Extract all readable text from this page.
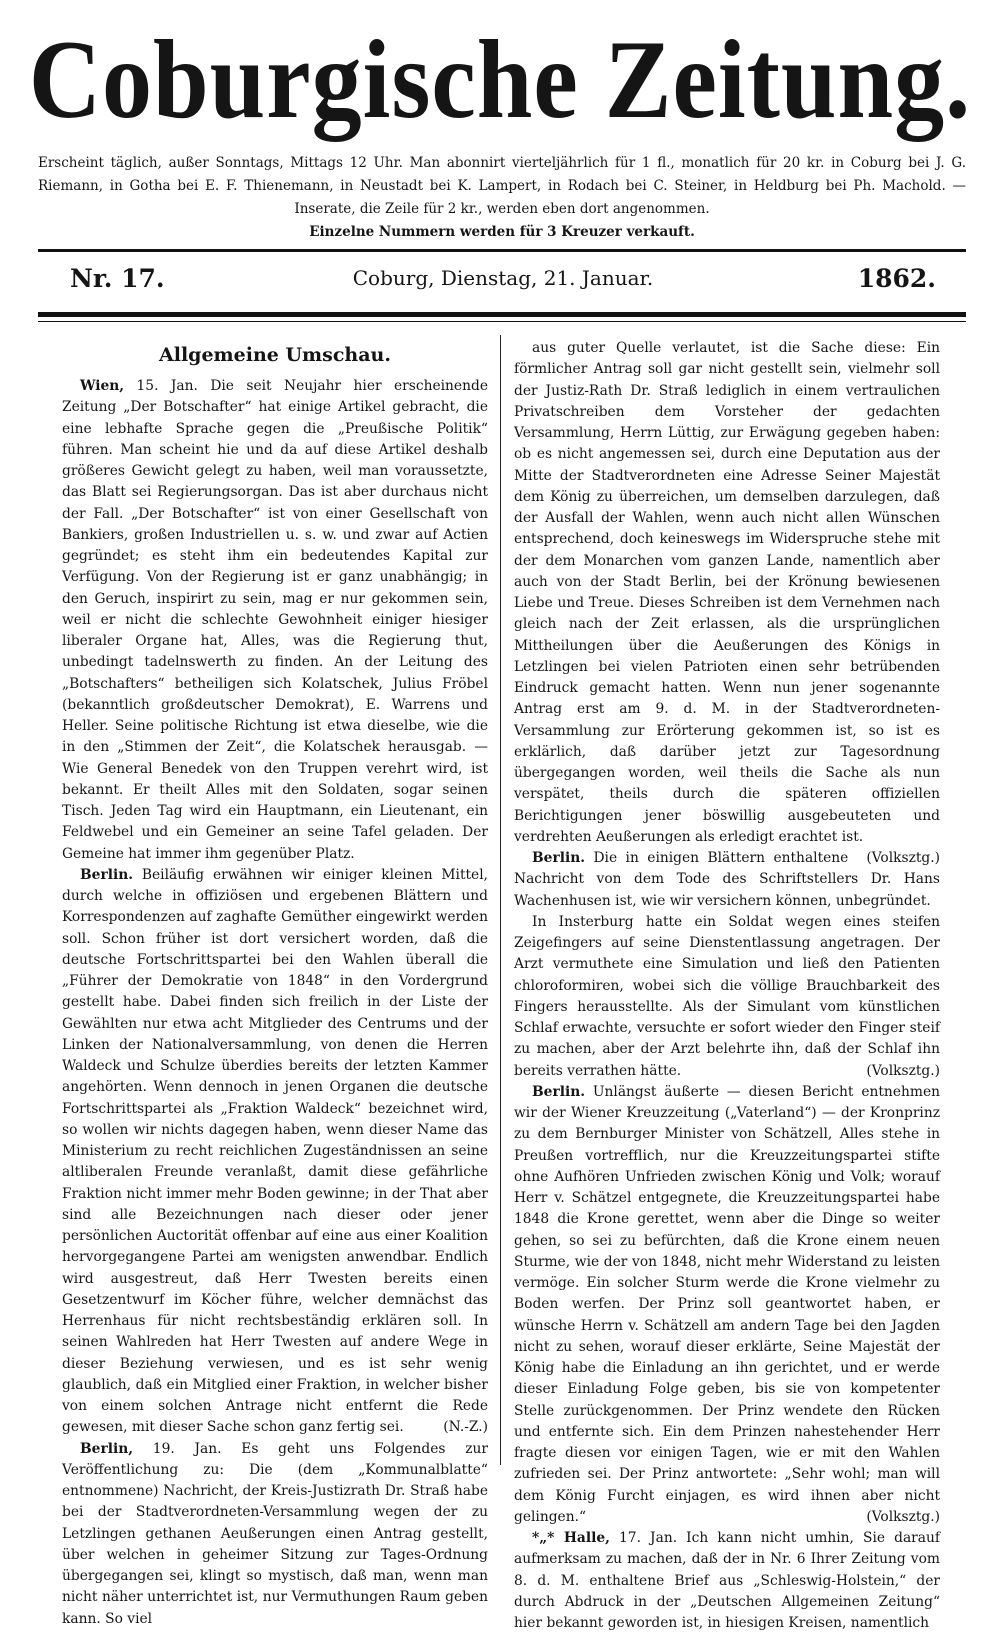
Coburgische Zeitung.

Erscheint täglich, außer Sonntags, Mittags 12 Uhr. Man abonnirt vierteljährlich für 1 fl., monatlich für 20 kr. in Coburg bei J. G. Riemann, in Gotha bei E. F. Thienemann, in Neustadt bei K. Lampert, in Rodach bei C. Steiner, in Heldburg bei Ph. Machold. — Inserate, die Zeile für 2 kr., werden eben dort angenommen.

Einzelne Nummern werden für 3 Kreuzer verkauft.

Nr. 17.	Coburg, Dienstag, 21. Januar.	1862.
Allgemeine Umschau.

Wien, 15. Jan. Die seit Neujahr hier erscheinende Zeitung „Der Botschafter“ hat einige Artikel gebracht, die eine lebhafte Sprache gegen die „Preußische Politik“ führen. Man scheint hie und da auf diese Artikel deshalb größeres Gewicht gelegt zu haben, weil man voraussetzte, das Blatt sei Regierungsorgan. Das ist aber durchaus nicht der Fall. „Der Botschafter“ ist von einer Gesellschaft von Bankiers, großen Industriellen u. s. w. und zwar auf Actien gegründet; es steht ihm ein bedeutendes Kapital zur Verfügung. Von der Regierung ist er ganz unabhängig; in den Geruch, inspirirt zu sein, mag er nur gekommen sein, weil er nicht die schlechte Gewohnheit einiger hiesiger liberaler Organe hat, Alles, was die Regierung thut, unbedingt tadelnswerth zu finden. An der Leitung des „Botschafters“ betheiligen sich Kolatschek, Julius Fröbel (bekanntlich großdeutscher Demokrat), E. Warrens und Heller. Seine politische Richtung ist etwa dieselbe, wie die in den „Stimmen der Zeit“, die Kolatschek herausgab. — Wie General Benedek von den Truppen verehrt wird, ist bekannt. Er theilt Alles mit den Soldaten, sogar seinen Tisch. Jeden Tag wird ein Hauptmann, ein Lieutenant, ein Feldwebel und ein Gemeiner an seine Tafel geladen. Der Gemeine hat immer ihm gegenüber Platz.

Berlin. Beiläufig erwähnen wir einiger kleinen Mittel, durch welche in offiziösen und ergebenen Blättern und Korrespondenzen auf zaghafte Gemüther eingewirkt werden soll. Schon früher ist dort versichert worden, daß die deutsche Fortschrittspartei bei den Wahlen überall die „Führer der Demokratie von 1848“ in den Vordergrund gestellt habe. Dabei finden sich freilich in der Liste der Gewählten nur etwa acht Mitglieder des Centrums und der Linken der Nationalversammlung, von denen die Herren Waldeck und Schulze überdies bereits der letzten Kammer angehörten. Wenn dennoch in jenen Organen die deutsche Fortschrittspartei als „Fraktion Waldeck“ bezeichnet wird, so wollen wir nichts dagegen haben, wenn dieser Name das Ministerium zu recht reichlichen Zugeständnissen an seine altliberalen Freunde veranlaßt, damit diese gefährliche Fraktion nicht immer mehr Boden gewinne; in der That aber sind alle Bezeichnungen nach dieser oder jener persönlichen Auctorität offenbar auf eine aus einer Koalition hervorgegangene Partei am wenigsten anwendbar. Endlich wird ausgestreut, daß Herr Twesten bereits einen Gesetzentwurf im Köcher führe, welcher demnächst das Herrenhaus für nicht rechtsbeständig erklären soll. In seinen Wahlreden hat Herr Twesten auf andere Wege in dieser Beziehung verwiesen, und es ist sehr wenig glaublich, daß ein Mitglied einer Fraktion, in welcher bisher von einem solchen Antrage nicht entfernt die Rede gewesen, mit dieser Sache schon ganz fertig sei.	(N.-Z.)

Berlin, 19. Jan. Es geht uns Folgendes zur Veröffentlichung zu: Die (dem „Kommunalblatte“ entnommene) Nachricht, der Kreis-Justizrath Dr. Straß habe bei der Stadtverordneten-Versammlung wegen der zu Letzlingen gethanen Aeußerungen einen Antrag gestellt, über welchen in geheimer Sitzung zur Tages-Ordnung übergegangen sei, klingt so mystisch, daß man, wenn man nicht näher unterrichtet ist, nur Vermuthungen Raum geben kann. So viel

aus guter Quelle verlautet, ist die Sache diese: Ein förmlicher Antrag soll gar nicht gestellt sein, vielmehr soll der Justiz-Rath Dr. Straß lediglich in einem vertraulichen Privatschreiben dem Vorsteher der gedachten Versammlung, Herrn Lüttig, zur Erwägung gegeben haben: ob es nicht angemessen sei, durch eine Deputation aus der Mitte der Stadtverordneten eine Adresse Seiner Majestät dem König zu überreichen, um demselben darzulegen, daß der Ausfall der Wahlen, wenn auch nicht allen Wünschen entsprechend, doch keineswegs im Widerspruche stehe mit der dem Monarchen vom ganzen Lande, namentlich aber auch von der Stadt Berlin, bei der Krönung bewiesenen Liebe und Treue. Dieses Schreiben ist dem Vernehmen nach gleich nach der Zeit erlassen, als die ursprünglichen Mittheilungen über die Aeußerungen des Königs in Letzlingen bei vielen Patrioten einen sehr betrübenden Eindruck gemacht hatten. Wenn nun jener sogenannte Antrag erst am 9. d. M. in der Stadtverordneten-Versammlung zur Erörterung gekommen ist, so ist es erklärlich, daß darüber jetzt zur Tagesordnung übergegangen worden, weil theils die Sache als nun verspätet, theils durch die späteren offiziellen Berichtigungen jener böswillig ausgebeuteten und verdrehten Aeußerungen als erledigt erachtet ist.
(Volksztg.)

Berlin. Die in einigen Blättern enthaltene Nachricht von dem Tode des Schriftstellers Dr. Hans Wachenhusen ist, wie wir versichern können, unbegründet.

In Insterburg hatte ein Soldat wegen eines steifen Zeigefingers auf seine Dienstentlassung angetragen. Der Arzt vermuthete eine Simulation und ließ den Patienten chloroformiren, wobei sich die völlige Brauchbarkeit des Fingers herausstellte. Als der Simulant vom künstlichen Schlaf erwachte, versuchte er sofort wieder den Finger steif zu machen, aber der Arzt belehrte ihn, daß der Schlaf ihn bereits verrathen hätte.	(Volksztg.)

Berlin. Unlängst äußerte — diesen Bericht entnehmen wir der Wiener Kreuzzeitung („Vaterland“) — der Kronprinz zu dem Bernburger Minister von Schätzell, Alles stehe in Preußen vortrefflich, nur die Kreuzzeitungspartei stifte ohne Aufhören Unfrieden zwischen König und Volk; worauf Herr v. Schätzel entgegnete, die Kreuzzeitungspartei habe 1848 die Krone gerettet, wenn aber die Dinge so weiter gehen, so sei zu befürchten, daß die Krone einem neuen Sturme, wie der von 1848, nicht mehr Widerstand zu leisten vermöge. Ein solcher Sturm werde die Krone vielmehr zu Boden werfen. Der Prinz soll geantwortet haben, er wünsche Herrn v. Schätzell am andern Tage bei den Jagden nicht zu sehen, worauf dieser erklärte, Seine Majestät der König habe die Einladung an ihn gerichtet, und er werde dieser Einladung Folge geben, bis sie von kompetenter Stelle zurückgenommen. Der Prinz wendete den Rücken und entfernte sich. Ein dem Prinzen nahestehender Herr fragte diesen vor einigen Tagen, wie er mit den Wahlen zufrieden sei. Der Prinz antwortete: „Sehr wohl; man will dem König Furcht einjagen, es wird ihnen aber nicht gelingen.“	(Volksztg.)

*„* Halle, 17. Jan. Ich kann nicht umhin, Sie darauf aufmerksam zu machen, daß der in Nr. 6 Ihrer Zeitung vom 8. d. M. enthaltene Brief aus „Schleswig-Holstein,“ der durch Abdruck in der „Deutschen Allgemeinen Zeitung“ hier bekannt geworden ist, in hiesigen Kreisen, namentlich
